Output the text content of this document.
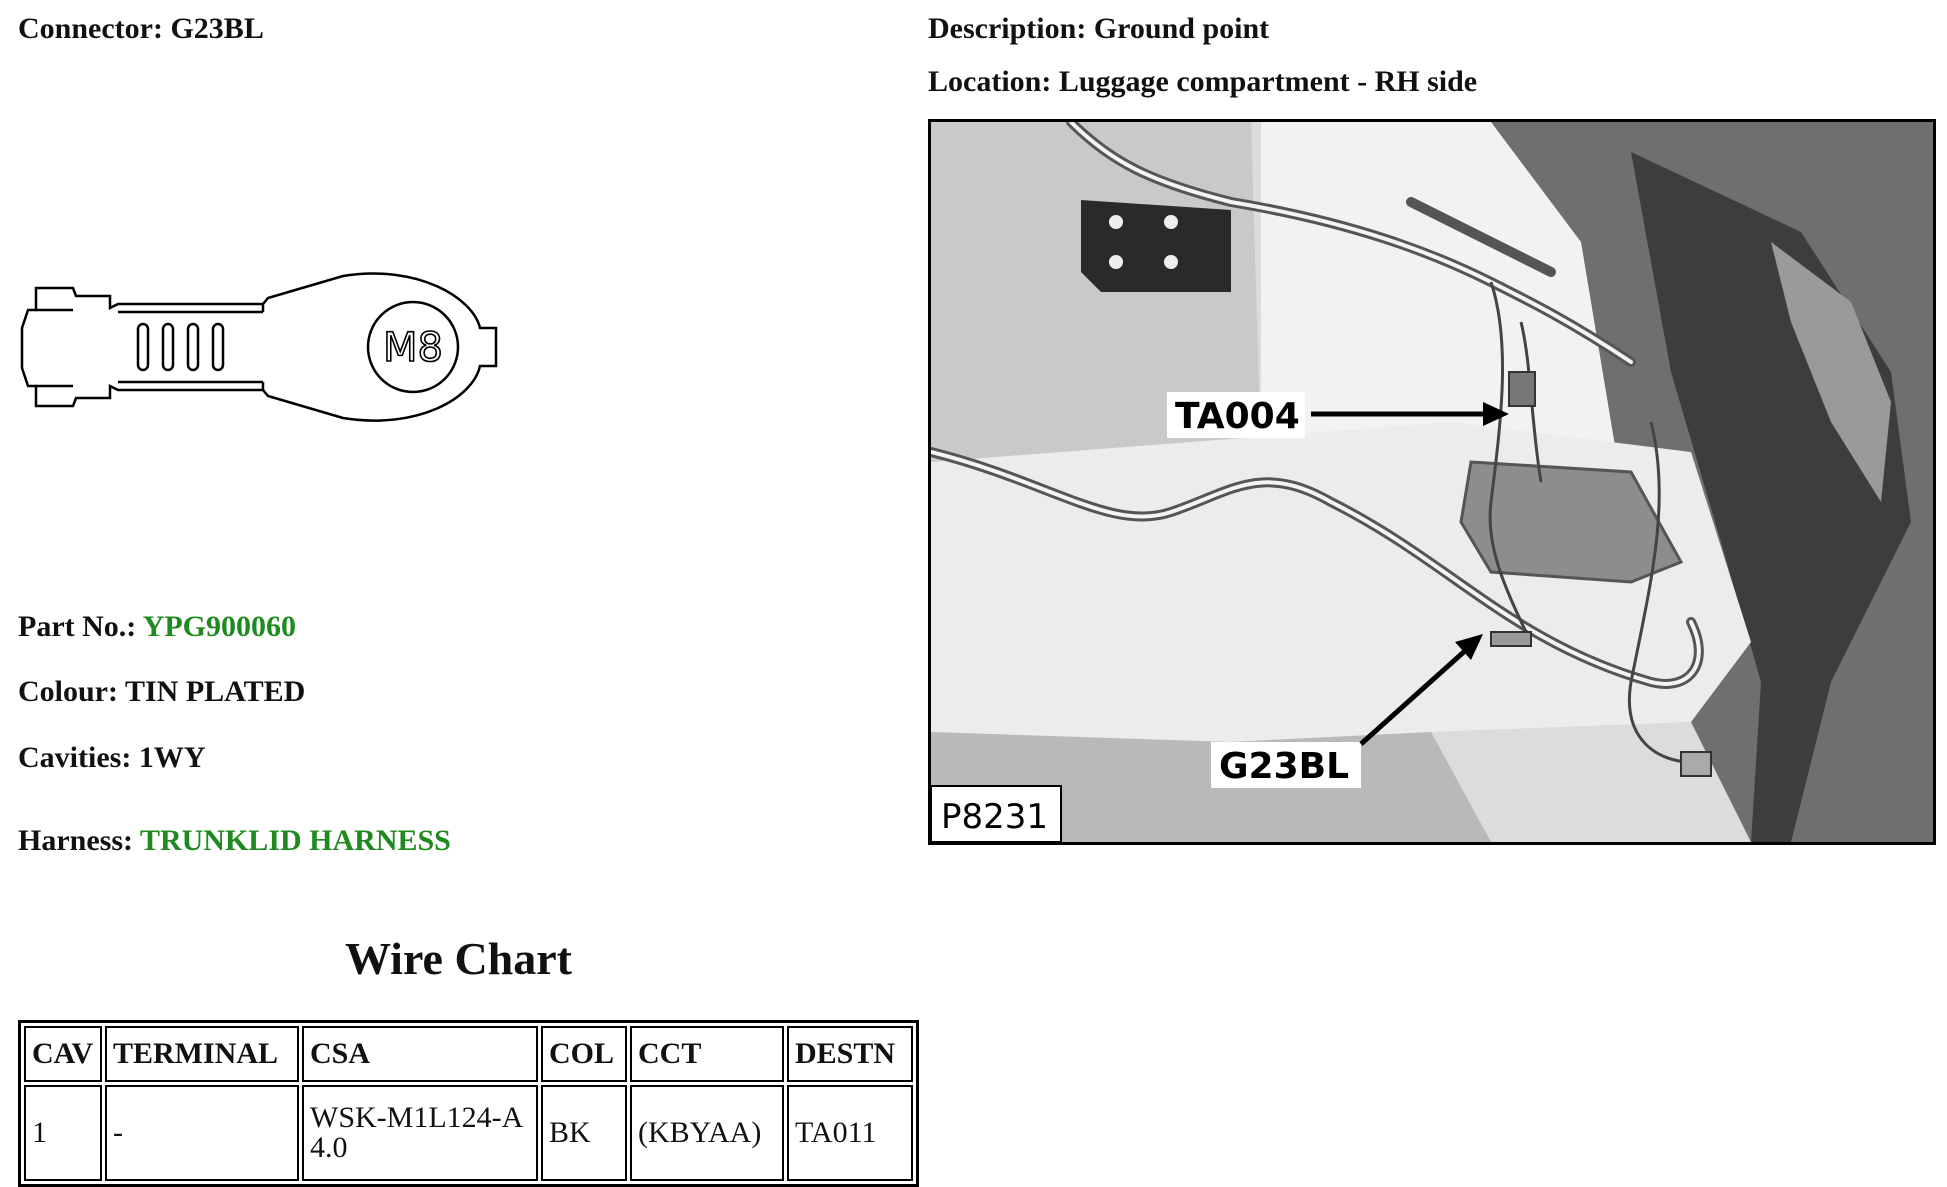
Connector: G23BL	Description: Ground point
Location: Luggage compartment - RH side
M8
Part No.: YPG900060
Colour: TIN PLATED
Cavities: 1WY
Harness: TRUNKLID HARNESS
TA004
G23BL
P8231
Wire Chart
CAV	TERMINAL	CSA	COL	CCT	DESTN
1	-	WSK-M1L124-A 4.0	BK	(KBYAA)	TA011
